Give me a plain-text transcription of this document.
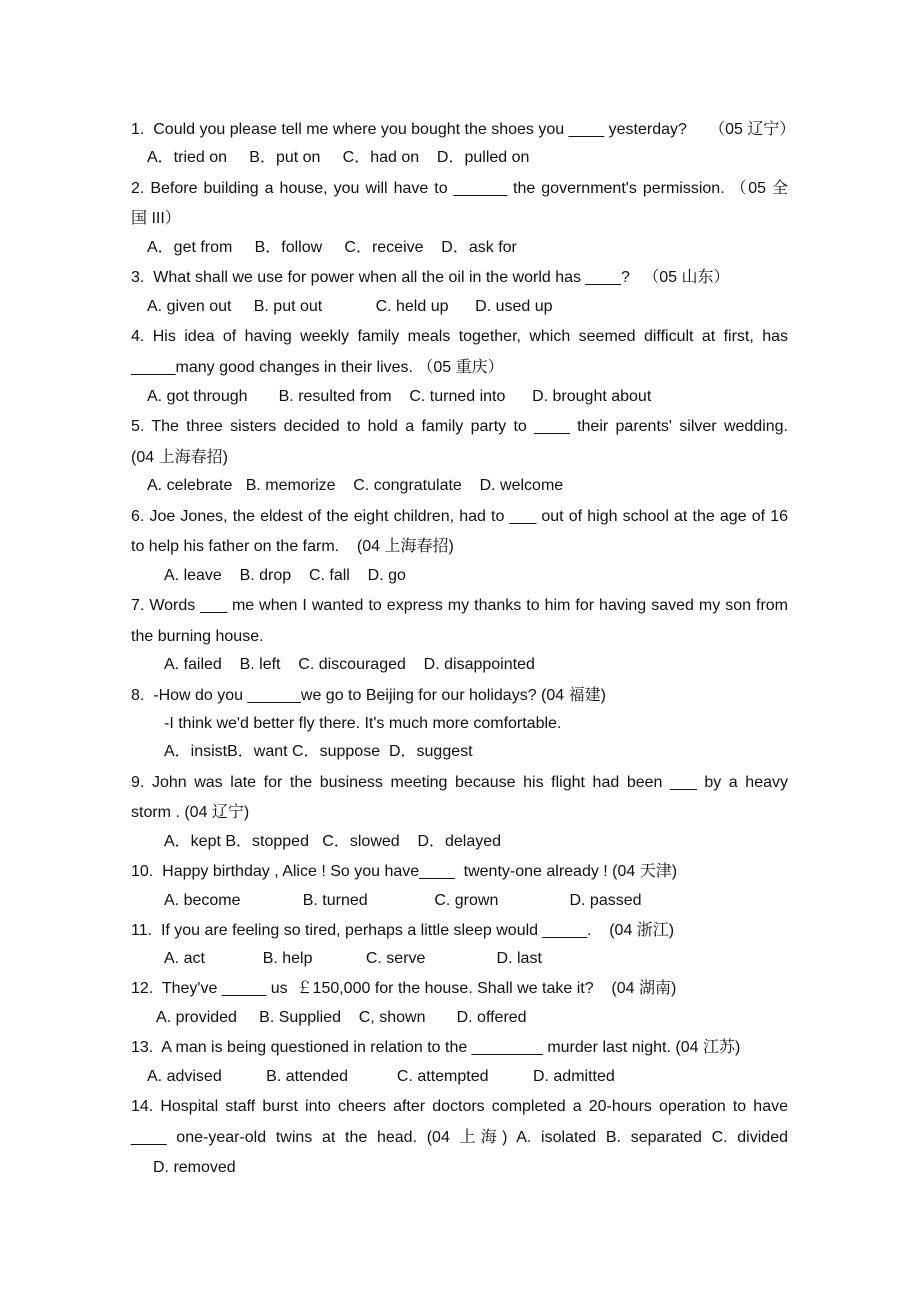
1.  Could you please tell me where you bought the shoes you ____ yesterday?     （05 辽宁）
A．tried on     B．put on     C．had on    D．pulled on
2. Before building a house, you will have to ______ the government's permission. （05 全
国 III）
A．get from     B．follow     C．receive    D．ask for
3.  What shall we use for power when all the oil in the world has ____?   （05 山东）
A. given out     B. put out            C. held up      D. used up
4. His idea of having weekly family meals together, which seemed difficult at first, has
_____many good changes in their lives. （05 重庆）
A. got through       B. resulted from    C. turned into      D. brought about
5. The three sisters decided to hold a family party to ____ their parents' silver wedding.
(04 上海春招)
A. celebrate   B. memorize    C. congratulate    D. welcome
6. Joe Jones, the eldest of the eight children, had to ___ out of high school at the age of 16
to help his father on the farm.    (04 上海春招)
A. leave    B. drop    C. fall    D. go
7. Words ___ me when I wanted to express my thanks to him for having saved my son from
the burning house.
A. failed    B. left    C. discouraged    D. disappointed
8.  -How do you ______we go to Beijing for our holidays? (04 福建)
-I think we'd better fly there. It's much more comfortable.
A．insistB．want C．suppose  D．suggest
9. John was late for the business meeting because his flight had been ___ by a heavy
storm . (04 辽宁)
A．kept B．stopped   C．slowed    D．delayed
10.  Happy birthday , Alice ! So you have____  twenty-one already ! (04 天津)
A. become              B. turned               C. grown                D. passed
11.  If you are feeling so tired, perhaps a little sleep would _____.    (04 浙江)
A. act             B. help            C. serve                D. last
12.  They've _____ us  ￡150,000 for the house. Shall we take it?    (04 湖南)
A. provided     B. Supplied    C, shown       D. offered
13.  A man is being questioned in relation to the ________ murder last night. (04 江苏)
A. advised          B. attended           C. attempted          D. admitted
14. Hospital staff burst into cheers after doctors completed a 20-hours operation to have
____ one-year-old twins at the head. (04 上海) A. isolated B. separated C. divided
D. removed
